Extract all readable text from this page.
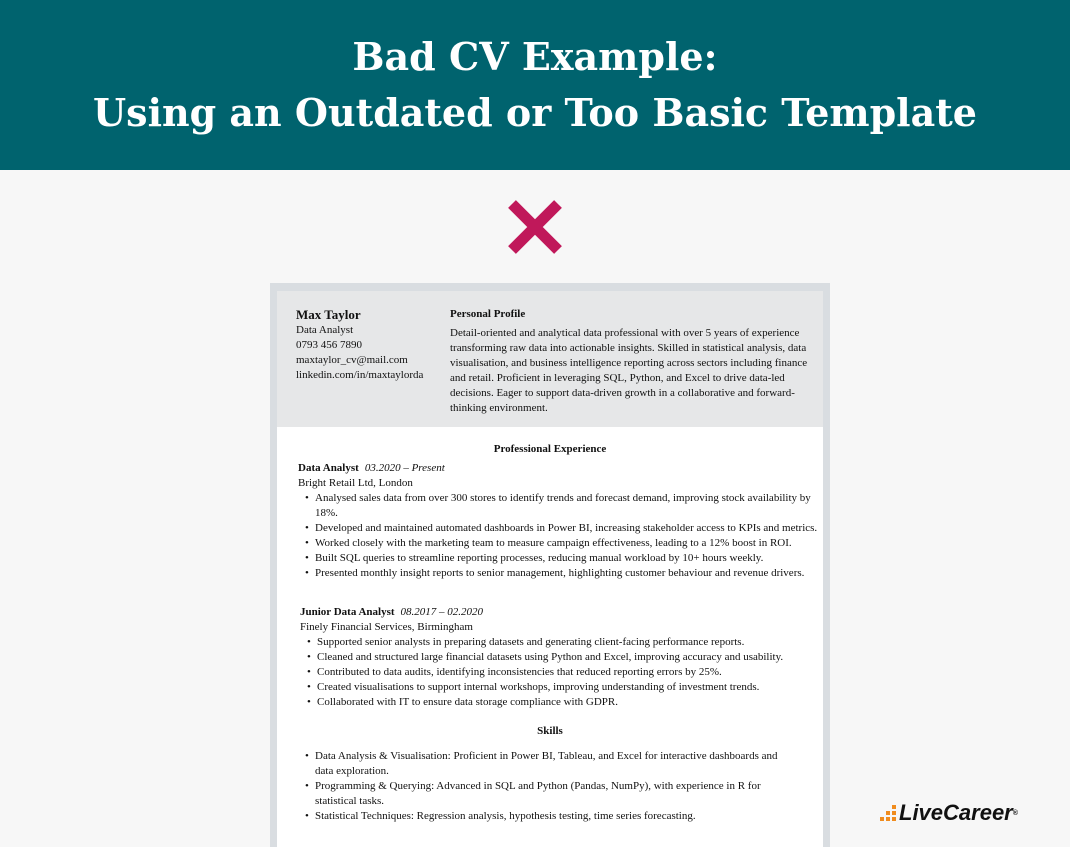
Bad CV Example:
Using an Outdated or Too Basic Template
Max Taylor
Data Analyst
0793 456 7890
maxtaylor_cv@mail.com
linkedin.com/in/maxtaylorda
Personal Profile
Detail-oriented and analytical data professional with over 5 years of experience transforming raw data into actionable insights. Skilled in statistical analysis, data visualisation, and business intelligence reporting across sectors including finance and retail. Proficient in leveraging SQL, Python, and Excel to drive data-led decisions. Eager to support data-driven growth in a collaborative and forward-thinking environment.
Professional Experience
Data Analyst 03.2020 – Present
Bright Retail Ltd, London
• Analysed sales data from over 300 stores to identify trends and forecast demand, improving stock availability by 18%.
• Developed and maintained automated dashboards in Power BI, increasing stakeholder access to KPIs and metrics.
• Worked closely with the marketing team to measure campaign effectiveness, leading to a 12% boost in ROI.
• Built SQL queries to streamline reporting processes, reducing manual workload by 10+ hours weekly.
• Presented monthly insight reports to senior management, highlighting customer behaviour and revenue drivers.
Junior Data Analyst 08.2017 – 02.2020
Finely Financial Services, Birmingham
• Supported senior analysts in preparing datasets and generating client-facing performance reports.
• Cleaned and structured large financial datasets using Python and Excel, improving accuracy and usability.
• Contributed to data audits, identifying inconsistencies that reduced reporting errors by 25%.
• Created visualisations to support internal workshops, improving understanding of investment trends.
• Collaborated with IT to ensure data storage compliance with GDPR.
Skills
• Data Analysis & Visualisation: Proficient in Power BI, Tableau, and Excel for interactive dashboards and data exploration.
• Programming & Querying: Advanced in SQL and Python (Pandas, NumPy), with experience in R for statistical tasks.
• Statistical Techniques: Regression analysis, hypothesis testing, time series forecasting.	LiveCareer ®
